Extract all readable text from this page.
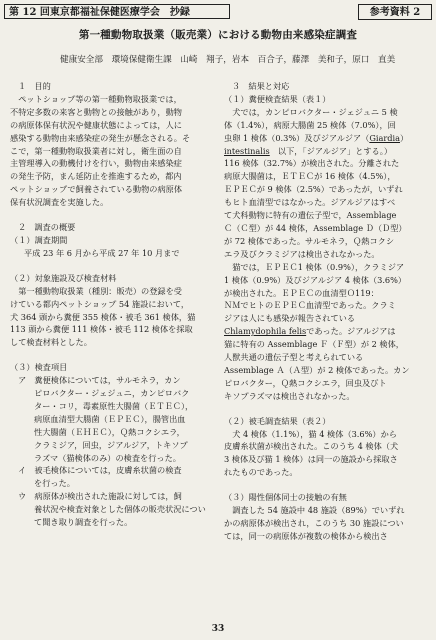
第 12 回東京都福祉保健医療学会　抄録	参考資料 2
第一種動物取扱業（販売業）における動物由来感染症調査
健康安全部　環境保健衛生課　山崎　翔子，岩本　百合子，藤澤　美和子，原口　直美
１　目的
　ペットショップ等の第一種動物取扱業では，
不特定多数の来客と動物との接触があり，動物
の病原体保有状況や健康状態によっては，人に
感染する動物由来感染症の発生が懸念される。そ
こで，第一種動物取扱業者に対し，衛生面の自
主管理導入の動機付けを行い，動物由来感染症
の発生予防，まん延防止を推進するため，都内
ペットショップで飼養されている動物の病原体
保有状況調査を実施した。
２　調査の概要
（１）調査期間
平成 23 年 6 月から平成 27 年 10 月まで
（２）対象施設及び検査材料
　第一種動物取扱業（種別：販売）の登録を受
けている都内ペットショップ 54 施設において，
犬 364 頭から糞便 355 検体・被毛 361 検体，猫
113 頭から糞便 111 検体・被毛 112 検体を採取
して検査材料とした。
（３）検査項目
ア　糞便検体については，サルモネラ，カン
ピロバクター・ジェジュニ，カンピロバク
ター・コリ，毒素原性大腸菌（ＥＴＥＣ），
病原血清型大腸菌（ＥＰＥＣ），腸管出血
性大腸菌（ＥＨＥＣ），Ｑ熱コクシエラ，
クラミジア，回虫，ジアルジア，トキソプ
ラズマ（猫検体のみ）の検査を行った。
イ　被毛検体については，皮膚糸状菌の検査
を行った。
ウ　病原体が検出された施設に対しては，飼
養状況や検査対象とした個体の販売状況につい
て聞き取り調査を行った。
３　結果と対応
（１）糞便検査結果（表１）
　犬では，カンピロバクター・ジェジュニ 5 検
体（1.4%），病原大腸菌 25 検体（7.0%），回
虫卵 1 検体（0.3%）及びジアルジア（Giardia）
intestinalis　以下，「ジアルジア」とする。）
116 検体（32.7%）が検出された。分離された
病原大腸菌は，ＥＴＥＣが 16 検体（4.5%），
ＥＰＥＣが 9 検体（2.5%）であったが，いずれ
もヒト血清型ではなかった。ジアルジアはすべ
て犬科動物に特有の遺伝子型で，Assemblage
Ｃ（Ｃ型）が 44 検体，Assemblage Ｄ（Ｄ型）
が 72 検体であった。サルモネラ，Ｑ熱コクシ
エラ及びクラミジアは検出されなかった。
　猫では，ＥＰＥＣ1 検体（0.9%），クラミジア
1 検体（0.9%）及びジアルジア 4 検体（3.6%）
が検出された。ＥＰＥＣの血清型Ｏ119：
ＮＭでヒトのＥＰＥＣ血清型であった。クラミ
ジアは人にも感染が報告されている
Chlamydophila felisであった。ジアルジアは
猫に特有の Assemblage Ｆ（Ｆ型）が 2 検体，
人獣共通の遺伝子型と考えられている
Assemblage Ａ（Ａ型）が 2 検体であった。カン
ピロバクター，Ｑ熱コクシエラ，回虫及びト
キソプラズマは検出されなかった。
（２）被毛調査結果（表２）
　犬 4 検体（1.1%），猫 4 検体（3.6%）から
皮膚糸状菌が検出された。このうち 4 検体（犬
3 検体及び猫 1 検体）は同一の施設から採取さ
れたものであった。
（３）陽性個体同士の接触の有無
　調査した 54 施設中 48 施設（89%）でいずれ
かの病原体が検出され，このうち 30 施設につい
ては，同一の病原体が複数の検体から検出さ
33
